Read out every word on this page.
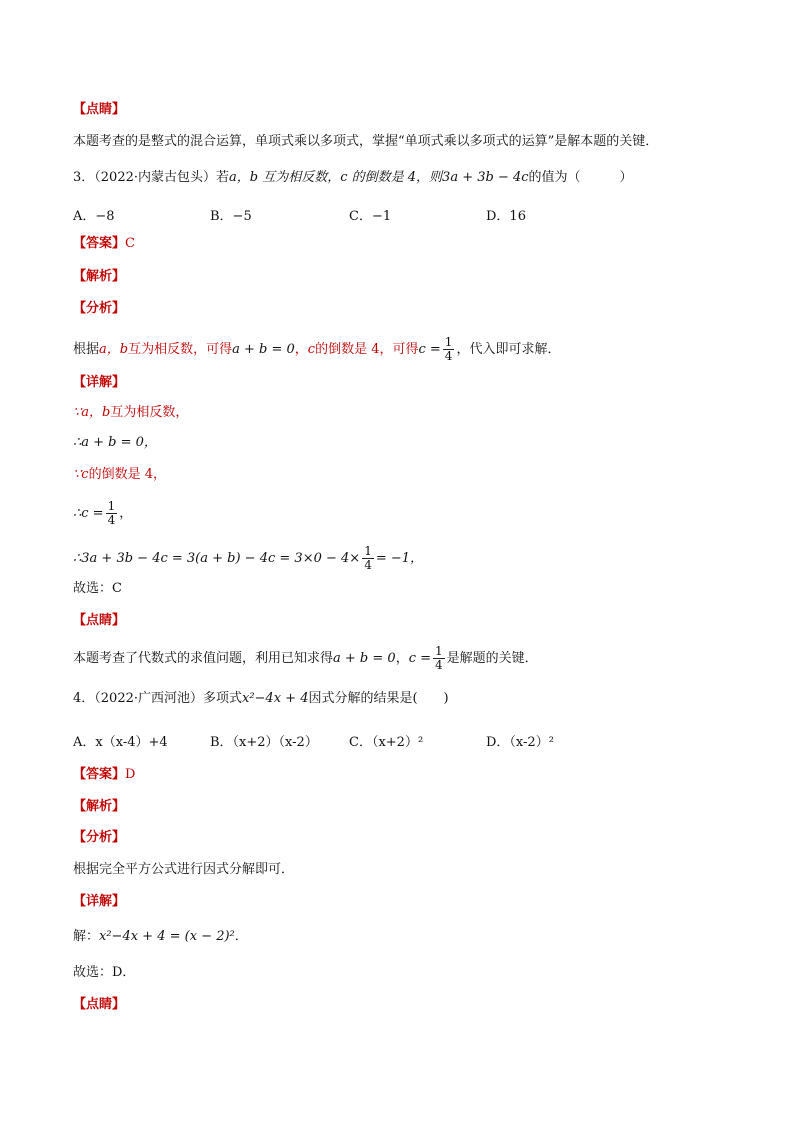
【点睛】
本题考查的是整式的混合运算，单项式乘以多项式，掌握“单项式乘以多项式的运算”是解本题的关键．
3．（2022·内蒙古包头）若a，b 互为相反数，c 的倒数是 4，则3a + 3b − 4c的值为（　　　）
A．−8	B．−5	C．−1	D．16
【答案】C
【解析】
【分析】
根据a，b互为相反数，可得a + b = 0，c的倒数是 4，可得$c = \frac{1}{4}$ ，代入即可求解．
【详解】
∵a，b互为相反数，
∴a + b = 0，
∵c的倒数是 4，
∴c = $\frac{1}{4}$ ，
∴3a + $3b - 4c = 3(a + b) - 4c = 3\times 0 - 4\times \frac{1}{4} = -1$，
故选：C
【点睛】
本题考查了代数式的求值问题，利用已知求得a + b = 0，$c = \frac{1}{4}$ 是解题的关键．
4．（2022·广西河池）多项式x²−4x + 4因式分解的结果是(　　)
A．x（x-4）+4	B．（x+2）（x-2） C．（x+2）²	D．（x-2）²
【答案】D
【解析】
【分析】
根据完全平方公式进行因式分解即可．
【详解】
解：x²−4x + 4 = (x − 2)²．
故选：D．
【点睛】
